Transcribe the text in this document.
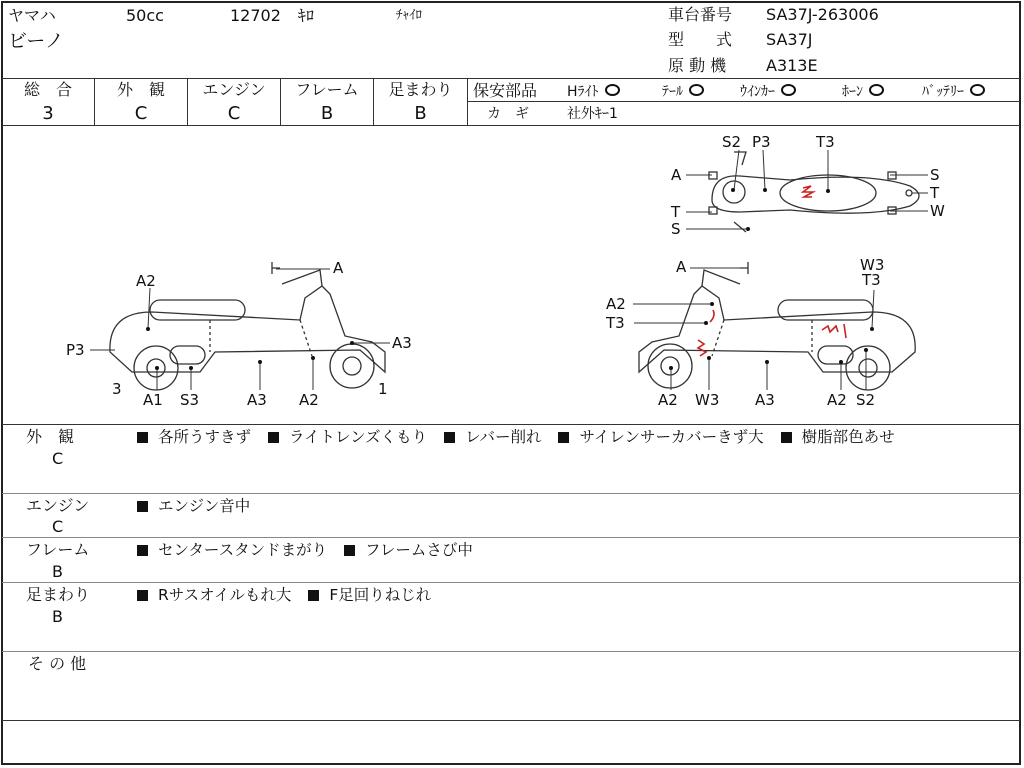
ヤマハ	50cc	12702 ｷﾛ	ﾁｬｲﾛ
ビーノ
車台番号 SA37J-263006
型　　式 SA37J
原 動 機 A313E
総　合	外　観	エンジン	フレーム	足まわり
3	C	C	B	B
保安部品 Hﾗｲﾄ	ﾃｰﾙ	ｳｲﾝｶｰ	ﾎｰﾝ	ﾊﾞｯﾃﾘｰ
カ　ギ	社外ｷｰ1
A2
A
P3	A3
3	1
A1 S3	A3 A2
S2 P3	T3
A	S
T
T	W
S
A	W3
T3
A2
T3
A2 W3 A3	A2 S2
外　観
C
各所うすきず ライトレンズくもり レバー削れ サイレンサーカバーきず大 樹脂部色あせ
エンジン
C
エンジン音中
フレーム
B
センタースタンドまがり フレームさび中
足まわり
B
Rサスオイルもれ大 F足回りねじれ
そ の 他
